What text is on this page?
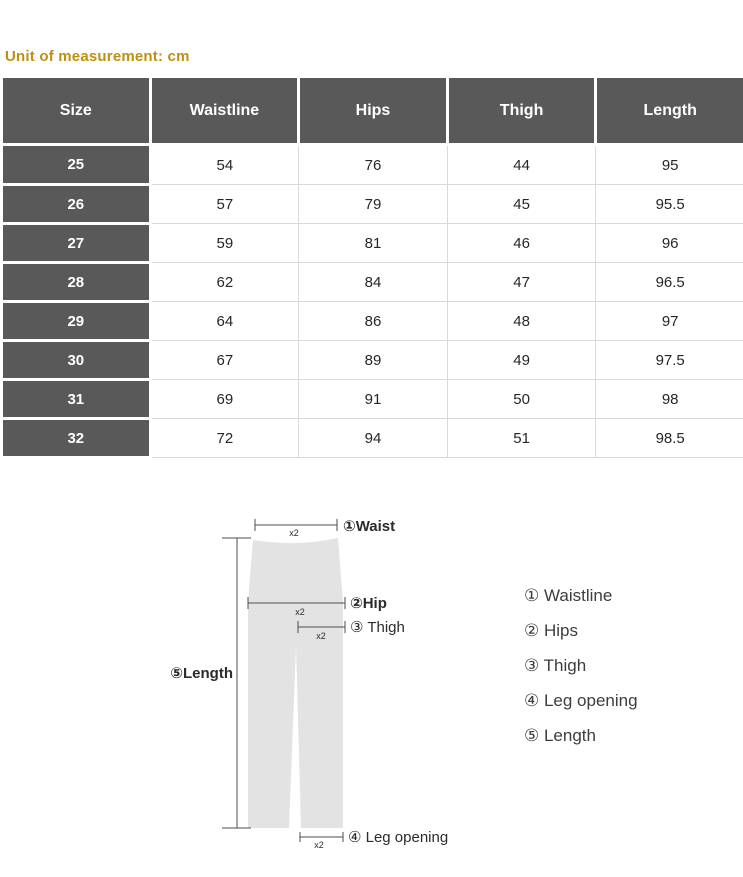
Unit of measurement: cm
Size	Waistline	Hips	Thigh	Length
25	54	76	44	95
26	57	79	45	95.5
27	59	81	46	96
28	62	84	47	96.5
29	64	86	48	97
30	67	89	49	97.5
31	69	91	50	98
32	72	94	51	98.5
x2
x2
x2
x2
①Waist
②Hip
③ Thigh
⑤Length
④ Leg opening
① Waistline
② Hips
③ Thigh
④ Leg opening
⑤ Length
